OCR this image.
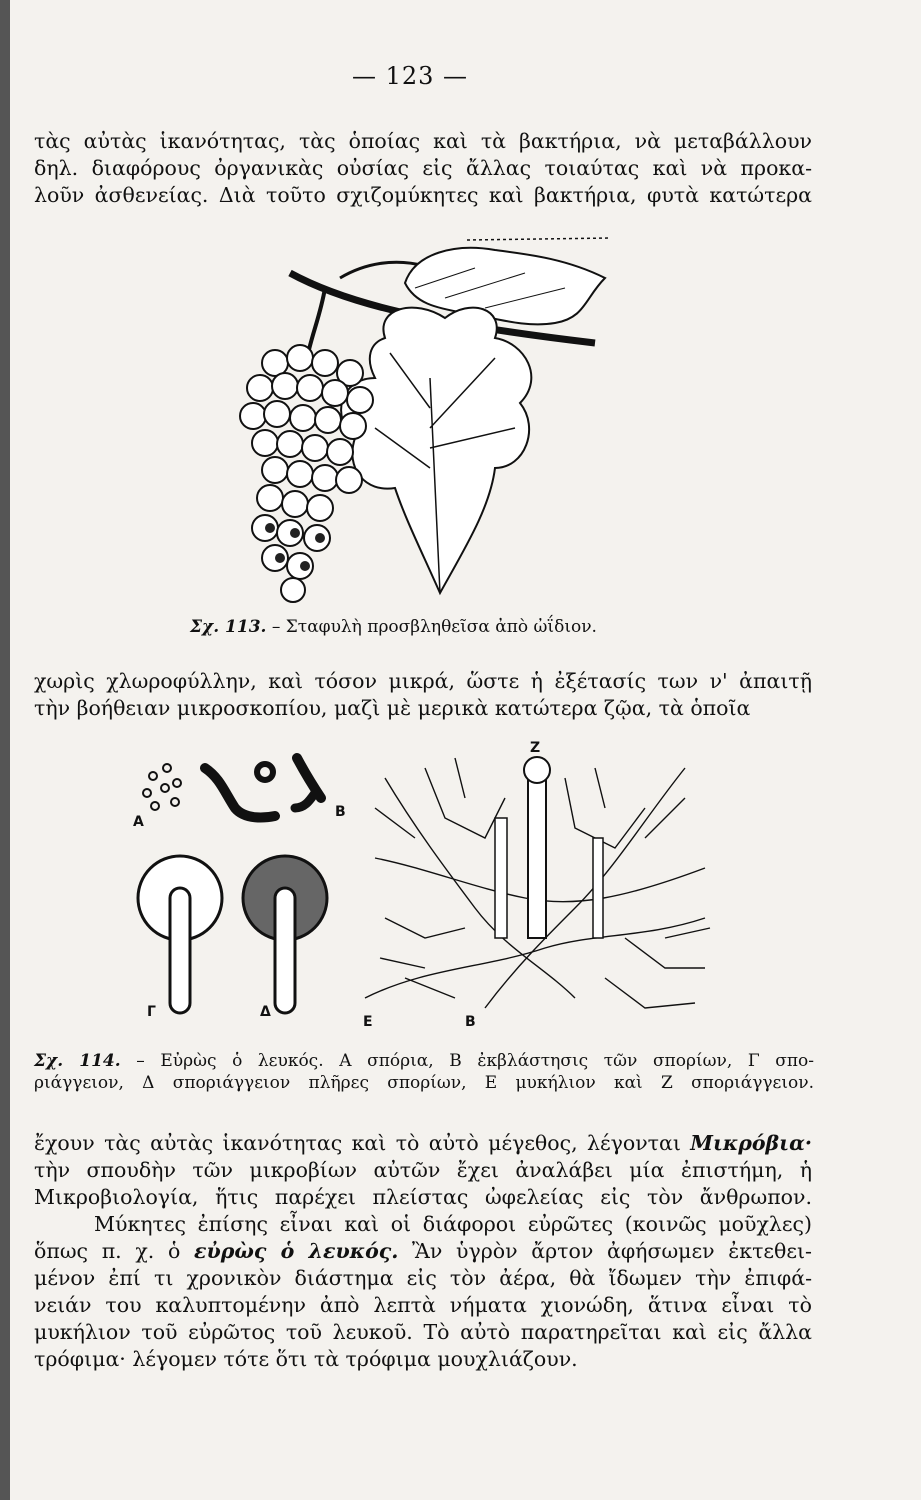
— 123 —
τὰς αὐτὰς ἱκανότητας, τὰς ὁποίας καὶ τὰ βακτήρια, νὰ μεταβάλλουν
δηλ. διαφόρους ὀργανικὰς οὐσίας εἰς ἄλλας τοιαύτας καὶ νὰ προκα-
λοῦν ἀσθενείας. Διὰ τοῦτο σχιζομύκητες καὶ βακτήρια, φυτὰ κατώτερα
Σχ. 113. – Σταφυλὴ προσβληθεῖσα ἀπὸ ὠΐδιον.
χωρὶς χλωροφύλλην, καὶ τόσον μικρά, ὥστε ἡ ἐξέτασίς των ν' ἀπαιτῇ
τὴν βοήθειαν μικροσκοπίου, μαζὶ μὲ μερικὰ κατώτερα ζῷα, τὰ ὁποῖα
Α
Β
Γ	Δ
Ζ
Ε	Β
Σχ. 114. – Εὐρὼς ὁ λευκός. Α σπόρια, Β ἐκβλάστησις τῶν σπορίων, Γ σπο-
ριάγγειον, Δ σποριάγγειον πλῆρες σπορίων, Ε μυκήλιον καὶ Ζ σποριάγγειον.
ἔχουν τὰς αὐτὰς ἱκανότητας καὶ τὸ αὐτὸ μέγεθος, λέγονται Μικρόβια·
τὴν σπουδὴν τῶν μικροβίων αὐτῶν ἔχει ἀναλάβει μία ἐπιστήμη, ἡ
Μικροβιολογία, ἥτις παρέχει πλείστας ὠφελείας εἰς τὸν ἄνθρωπον.
Μύκητες ἐπίσης εἶναι καὶ οἱ διάφοροι εὐρῶτες (κοινῶς μοῦχλες)
ὅπως π. χ. ὁ εὐρὼς ὁ λευκός. Ἂν ὑγρὸν ἄρτον ἀφήσωμεν ἐκτεθει-
μένον ἐπί τι χρονικὸν διάστημα εἰς τὸν ἀέρα, θὰ ἴδωμεν τὴν ἐπιφά-
νειάν του καλυπτομένην ἀπὸ λεπτὰ νήματα χιονώδη, ἅτινα εἶναι τὸ
μυκήλιον τοῦ εὐρῶτος τοῦ λευκοῦ. Τὸ αὐτὸ παρατηρεῖται καὶ εἰς ἄλλα
τρόφιμα· λέγομεν τότε ὅτι τὰ τρόφιμα μουχλιάζουν.
